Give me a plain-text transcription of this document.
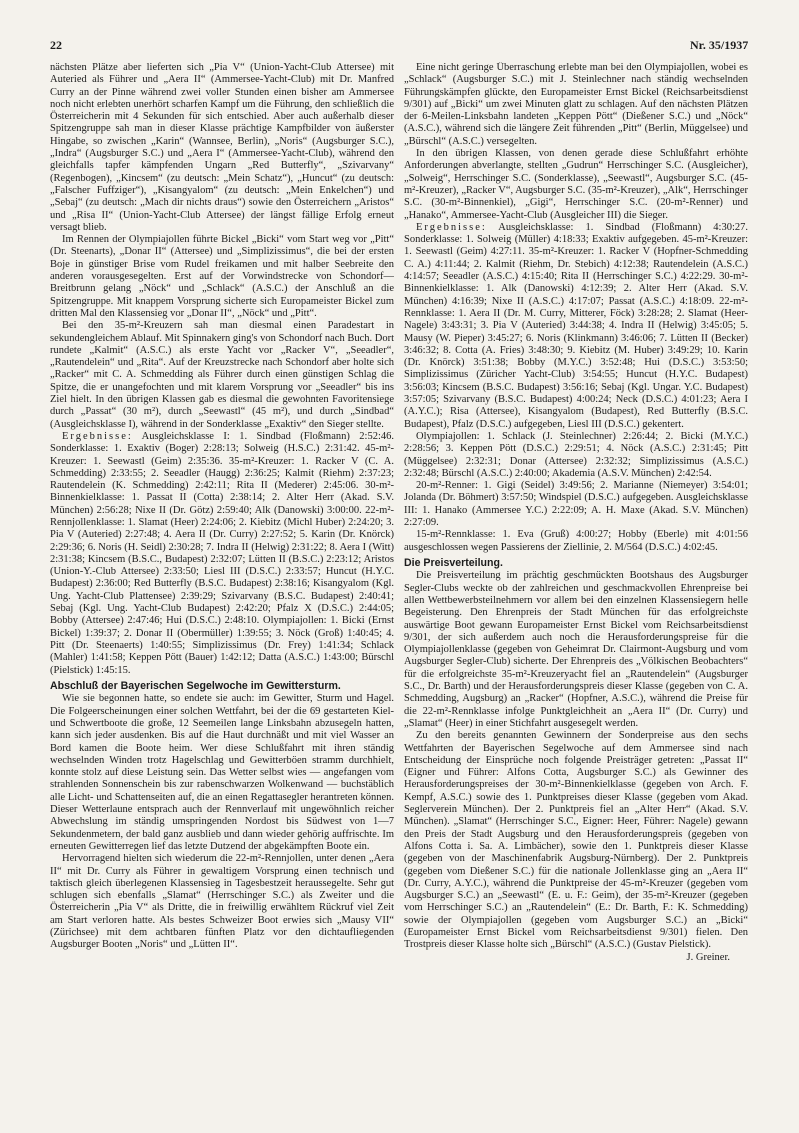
22	Nr. 35/1937

nächsten Plätze aber lieferten sich „Pia V“ (Union-Yacht-Club Attersee) mit Auteried als Führer und „Aera II“ (Ammersee-Yacht-Club) mit Dr. Manfred Curry an der Pinne während zwei voller Stunden einen bisher am Ammersee noch nicht erlebten unerhört scharfen Kampf um die Führung, den schließlich die Österreicherin mit 4 Sekunden für sich entschied. Aber auch außerhalb dieser Spitzengruppe sah man in dieser Klasse prächtige Kampfbilder von äußerster Hingabe, so zwischen „Karin“ (Wannsee, Berlin), „Noris“ (Augsburger S.C.), „Indra“ (Augsburger S.C.) und „Aera I“ (Ammersee-Yacht-Club), während den gleichfalls tapfer kämpfenden Ungarn „Red Butterfly“, „Szivarvany“ (Regenbogen), „Kincsem“ (zu deutsch: „Mein Schatz“), „Huncut“ (zu deutsch: „Falscher Fuffziger“), „Kisangyalom“ (zu deutsch: „Mein Enkelchen“) und „Sebaj“ (zu deutsch: „Mach dir nichts draus“) sowie den Österreichern „Aristos“ und „Risa II“ (Union-Yacht-Club Attersee) der längst fällige Erfolg erneut versagt blieb.

Im Rennen der Olympiajollen führte Bickel „Bicki“ vom Start weg vor „Pitt“ (Dr. Steenarts), „Donar II“ (Attersee) und „Simplizissimus“, die bei der ersten Boje in günstiger Brise vom Rudel freikamen und mit halber Seebreite den anderen vorausgesegelten. Erst auf der Vorwindstrecke von Schondorf—Breitbrunn gelang „Nöck“ und „Schlack“ (A.S.C.) der Anschluß an die Spitzengruppe. Mit knappem Vorsprung sicherte sich Europameister Bickel zum dritten Mal den Klassensieg vor „Donar II“, „Nöck“ und „Pitt“.

Bei den 35-m²-Kreuzern sah man diesmal einen Paradestart in sekundengleichem Ablauf. Mit Spinnakern ging's von Schondorf nach Buch. Dort rundete „Kalmit“ (A.S.C.) als erste Yacht vor „Racker V“, „Seeadler“, „Rautendelein“ und „Rita“. Auf der Kreuzstrecke nach Schondorf aber holte sich „Racker“ mit C. A. Schmedding als Führer durch einen günstigen Schlag die Spitze, die er unangefochten und mit klarem Vorsprung vor „Seeadler“ bis ins Ziel hielt. In den übrigen Klassen gab es diesmal die gewohnten Favoritensiege durch „Passat“ (30 m²), durch „Seewastl“ (45 m²), und durch „Sindbad“ (Ausgleichsklasse I), während in der Sonderklasse „Exaktiv“ den Sieger stellte.

Ergebnisse: Ausgleichsklasse I: 1. Sindbad (Floßmann) 2:52:46. Sonderklasse: 1. Exaktiv (Boger) 2:28:13; Solweig (H.S.C.) 2:31:42. 45-m²-Kreuzer: 1. Seewastl (Geim) 2:35:36. 35-m²-Kreuzer: 1. Racker V (C. A. Schmedding) 2:33:55; 2. Seeadler (Haugg) 2:36:25; Kalmit (Riehm) 2:37:23; Rautendelein (K. Schmedding) 2:42:11; Rita II (Mederer) 2:45:06. 30-m²-Binnenkielklasse: 1. Passat II (Cotta) 2:38:14; 2. Alter Herr (Akad. S.V. München) 2:56:28; Nixe II (Dr. Götz) 2:59:40; Alk (Danowski) 3:00:00. 22-m²-Rennjollenklasse: 1. Slamat (Heer) 2:24:06; 2. Kiebitz (Michl Huber) 2:24:20; 3. Pia V (Auteried) 2:27:48; 4. Aera II (Dr. Curry) 2:27:52; 5. Karin (Dr. Knörck) 2:29:36; 6. Noris (H. Seidl) 2:30:28; 7. Indra II (Helwig) 2:31:22; 8. Aera I (Witt) 2:31:38; Kincsem (B.S.C., Budapest) 2:32:07; Lütten II (B.S.C.) 2:23:12; Aristos (Union-Y.-Club Attersee) 2:33:50; Liesl III (D.S.C.) 2:33:57; Huncut (H.Y.C. Budapest) 2:36:00; Red Butterfly (B.S.C. Budapest) 2:38:16; Kisangyalom (Kgl. Ung. Yacht-Club Plattensee) 2:39:29; Szivarvany (B.S.C. Budapest) 2:40:41; Sebaj (Kgl. Ung. Yacht-Club Budapest) 2:42:20; Pfalz X (D.S.C.) 2:44:05; Bobby (Attersee) 2:47:46; Hui (D.S.C.) 2:48:10. Olympiajollen: 1. Bicki (Ernst Bickel) 1:39:37; 2. Donar II (Obermüller) 1:39:55; 3. Nöck (Groß) 1:40:45; 4. Pitt (Dr. Steenaerts) 1:40:55; Simplizissimus (Dr. Frey) 1:41:34; Schlack (Mahler) 1:41:58; Keppen Pött (Bauer) 1:42:12; Datta (A.S.C.) 1:43:00; Bürschl (Pielstick) 1:45:15.

Abschluß der Bayerischen Segelwoche im Gewittersturm.

Wie sie begonnen hatte, so endete sie auch: im Gewitter, Sturm und Hagel. Die Folgeerscheinungen einer solchen Wettfahrt, bei der die 69 gestarteten Kiel- und Schwertboote die große, 12 Seemeilen lange Linksbahn abzusegeln hatten, kann sich jeder ausdenken. Bis auf die Haut durchnäßt und mit viel Wasser an Bord kamen die Boote heim. Wer diese Schlußfahrt mit ihren ständig wechselnden Winden trotz Hagelschlag und Gewitterböen stramm durchhielt, konnte stolz auf diese Leistung sein. Das Wetter selbst wies — angefangen vom strahlenden Sonnenschein bis zur rabenschwarzen Wolkenwand — buchstäblich alle Licht- und Schattenseiten auf, die an einen Regattasegler herantreten können. Dieser Wetterlaune entsprach auch der Rennverlauf mit ungewöhnlich reicher Abwechslung im ständig umspringenden Nordost bis Südwest von 1—7 Sekundenmetern, der bald ganz ausblieb und dann wieder gehörig auffrischte. Im erneuten Gewitterregen lief das letzte Dutzend der abgekämpften Boote ein.

Hervorragend hielten sich wiederum die 22-m²-Rennjollen, unter denen „Aera II“ mit Dr. Curry als Führer in gewaltigem Vorsprung einen technisch und taktisch gleich überlegenen Klassensieg in Tagesbestzeit heraussegelte. Sehr gut schlugen sich ebenfalls „Slamat“ (Herrschinger S.C.) als Zweiter und die Österreicherin „Pia V“ als Dritte, die in freiwillig erwähltem Rückruf viel Zeit am Start verloren hatte. Als bestes Schweizer Boot erwies sich „Mausy VII“ (Zürichsee) mit dem achtbaren fünften Platz vor den dichtaufliegenden Augsburger Booten „Noris“ und „Lütten II“.

Eine nicht geringe Überraschung erlebte man bei den Olympiajollen, wobei es „Schlack“ (Augsburger S.C.) mit J. Steinlechner nach ständig wechselnden Führungskämpfen glückte, den Europameister Ernst Bickel (Reichsarbeitsdienst 9/301) auf „Bicki“ um zwei Minuten glatt zu schlagen. Auf den nächsten Plätzen der 6-Meilen-Linksbahn landeten „Keppen Pött“ (Dießener S.C.) und „Nöck“ (A.S.C.), während sich die längere Zeit führenden „Pitt“ (Berlin, Müggelsee) und „Bürschl“ (A.S.C.) versegelten.

In den übrigen Klassen, von denen gerade diese Schlußfahrt erhöhte Anforderungen abverlangte, stellten „Gudrun“ Herrschinger S.C. (Ausgleicher), „Solweig“, Herrschinger S.C. (Sonderklasse), „Seewastl“, Augsburger S.C. (45-m²-Kreuzer), „Racker V“, Augsburger S.C. (35-m²-Kreuzer), „Alk“, Herrschinger S.C. (30-m²-Binnenkiel), „Gigi“, Herrschinger S.C. (20-m²-Renner) und „Hanako“, Ammersee-Yacht-Club (Ausgleicher III) die Sieger.

Ergebnisse: Ausgleichsklasse: 1. Sindbad (Floßmann) 4:30:27. Sonderklasse: 1. Solweig (Müller) 4:18:33; Exaktiv aufgegeben. 45-m²-Kreuzer: 1. Seewastl (Geim) 4:27:11. 35-m²-Kreuzer: 1. Racker V (Hopfner-Schmedding C. A.) 4:11:44; 2. Kalmit (Riehm, Dr. Stebich) 4:12:38; Rautendelein (A.S.C.) 4:14:57; Seeadler (A.S.C.) 4:15:40; Rita II (Herrschinger S.C.) 4:22:29. 30-m²-Binnenkielklasse: 1. Alk (Danowski) 4:12:39; 2. Alter Herr (Akad. S.V. München) 4:16:39; Nixe II (A.S.C.) 4:17:07; Passat (A.S.C.) 4:18:09. 22-m²-Rennklasse: 1. Aera II (Dr. M. Curry, Mitterer, Föck) 3:28:28; 2. Slamat (Heer-Nagele) 3:43:31; 3. Pia V (Auteried) 3:44:38; 4. Indra II (Helwig) 3:45:05; 5. Mausy (W. Pieper) 3:45:27; 6. Noris (Klinkmann) 3:46:06; 7. Lütten II (Becker) 3:46:32; 8. Cotta (A. Fries) 3:48:30; 9. Kiebitz (M. Huber) 3:49:29; 10. Karin (Dr. Knörck) 3:51:38; Bobby (M.Y.C.) 3:52:48; Hui (D.S.C.) 3:53:50; Simplizissimus (Züricher Yacht-Club) 3:54:55; Huncut (H.Y.C. Budapest) 3:56:03; Kincsem (B.S.C. Budapest) 3:56:16; Sebaj (Kgl. Ungar. Y.C. Budapest) 3:57:05; Szivarvany (B.S.C. Budapest) 4:00:24; Neck (D.S.C.) 4:01:23; Aera I (A.Y.C.); Risa (Attersee), Kisangyalom (Budapest), Red Butterfly (B.S.C. Budapest), Pfalz (D.S.C.) aufgegeben, Liesl III (D.S.C.) gekentert.

Olympiajollen: 1. Schlack (J. Steinlechner) 2:26:44; 2. Bicki (M.Y.C.) 2:28:56; 3. Keppen Pött (D.S.C.) 2:29:51; 4. Nöck (A.S.C.) 2:31:45; Pitt (Müggelsee) 2:32:31; Donar (Attersee) 2:32:32; Simplizissimus (A.S.C.) 2:32:48; Bürschl (A.S.C.) 2:40:00; Akademia (A.S.V. München) 2:42:54.

20-m²-Renner: 1. Gigi (Seidel) 3:49:56; 2. Marianne (Niemeyer) 3:54:01; Jolanda (Dr. Böhmert) 3:57:50; Windspiel (D.S.C.) aufgegeben. Ausgleichsklasse III: 1. Hanako (Ammersee Y.C.) 2:22:09; A. H. Maxe (Akad. S.V. München) 2:27:09.

15-m²-Rennklasse: 1. Eva (Gruß) 4:00:27; Hobby (Eberle) mit 4:01:56 ausgeschlossen wegen Passierens der Ziellinie, 2. M/564 (D.S.C.) 4:02:45.

Die Preisverteilung.

Die Preisverteilung im prächtig geschmückten Bootshaus des Augsburger Segler-Clubs weckte ob der zahlreichen und geschmackvollen Ehrenpreise bei allen Wettbewerbsteilnehmern vor allem bei den einzelnen Klassensiegern helle Begeisterung. Den Ehrenpreis der Stadt München für das erfolgreichste auswärtige Boot gewann Europameister Ernst Bickel vom Reichsarbeitsdienst 9/301, der sich außerdem auch noch die Herausforderungspreise für die Olympiajollenklasse (gegeben von Geheimrat Dr. Clairmont-Augsburg und vom Augsburger Segler-Club) sicherte. Der Ehrenpreis des „Völkischen Beobachters“ für die erfolgreichste 35-m²-Kreuzeryacht fiel an „Rautendelein“ (Augsburger S.C., Dr. Barth) und der Herausforderungspreis dieser Klasse (gegeben von C. A. Schmedding, Augsburg) an „Racker“ (Hopfner, A.S.C.), während die Preise für die 22-m²-Rennklasse infolge Punktgleichheit an „Aera II“ (Dr. Curry) und „Slamat“ (Heer) in einer Stichfahrt ausgesegelt werden.

Zu den bereits genannten Gewinnern der Sonderpreise aus den sechs Wettfahrten der Bayerischen Segelwoche auf dem Ammersee sind nach Entscheidung der Einsprüche noch folgende Preisträger getreten: „Passat II“ (Eigner und Führer: Alfons Cotta, Augsburger S.C.) als Gewinner des Herausforderungspreises der 30-m²-Binnenkielklasse (gegeben von Arch. F. Kempf, A.S.C.) sowie des 1. Punktpreises dieser Klasse (gegeben vom Akad. Seglerverein München). Der 2. Punktpreis fiel an „Alter Herr“ (Akad. S.V. München). „Slamat“ (Herrschinger S.C., Eigner: Heer, Führer: Nagele) gewann den Preis der Stadt Augsburg und den Herausforderungspreis (gegeben von Alfons Cotta i. Sa. A. Limbächer), sowie den 1. Punktpreis dieser Klasse (gegeben von der Maschinenfabrik Augsburg-Nürnberg). Der 2. Punktpreis (gegeben vom Dießener S.C.) für die nationale Jollenklasse ging an „Aera II“ (Dr. Curry, A.Y.C.), während die Punktpreise der 45-m²-Kreuzer (gegeben vom Augsburger S.C.) an „Seewastl“ (E. u. F.: Geim), der 35-m²-Kreuzer (gegeben vom Herrschinger S.C.) an „Rautendelein“ (E.: Dr. Barth, F.: K. Schmedding) sowie der Olympiajollen (gegeben vom Augsburger S.C.) an „Bicki“ (Europameister Ernst Bickel vom Reichsarbeitsdienst 9/301) fielen. Den Trostpreis dieser Klasse holte sich „Bürschl“ (A.S.C.) (Gustav Pielstick).

J. Greiner.
